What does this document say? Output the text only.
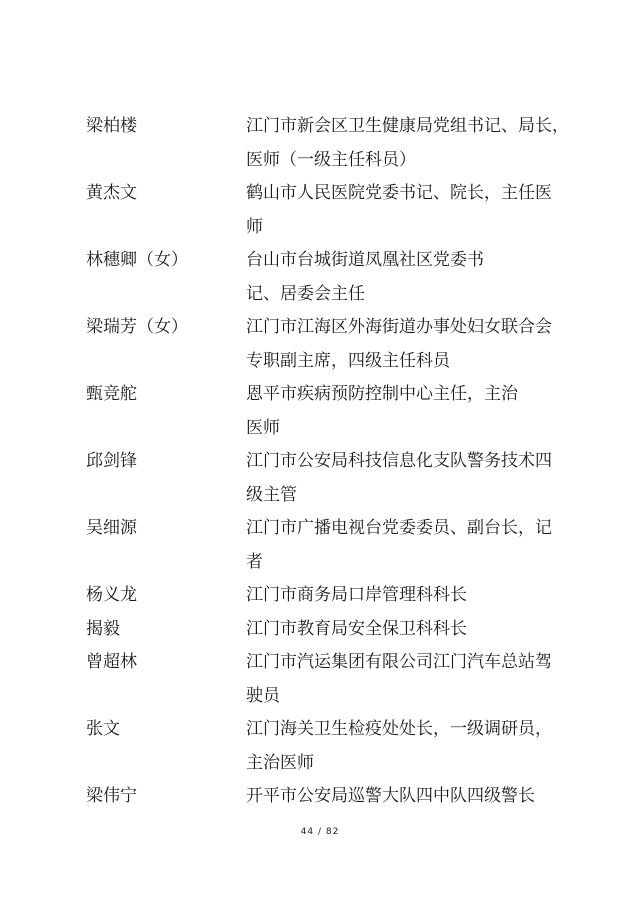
梁柏楼	江门市新会区卫生健康局党组书记、局长，
医师（一级主任科员）
黄杰文	鹤山市人民医院党委书记、院长，主任医
师
林穗卿（女）	台山市台城街道凤凰社区党委书
记、居委会主任
梁瑞芳（女）	江门市江海区外海街道办事处妇女联合会
专职副主席，四级主任科员
甄竞舵	恩平市疾病预防控制中心主任，主治
医师
邱剑锋	江门市公安局科技信息化支队警务技术四
级主管
吴细源	江门市广播电视台党委委员、副台长，记
者
杨义龙	江门市商务局口岸管理科科长
揭毅	江门市教育局安全保卫科科长
曾超林	江门市汽运集团有限公司江门汽车总站驾
驶员
张文	江门海关卫生检疫处处长，一级调研员，
主治医师
梁伟宁	开平市公安局巡警大队四中队四级警长
44 / 82
